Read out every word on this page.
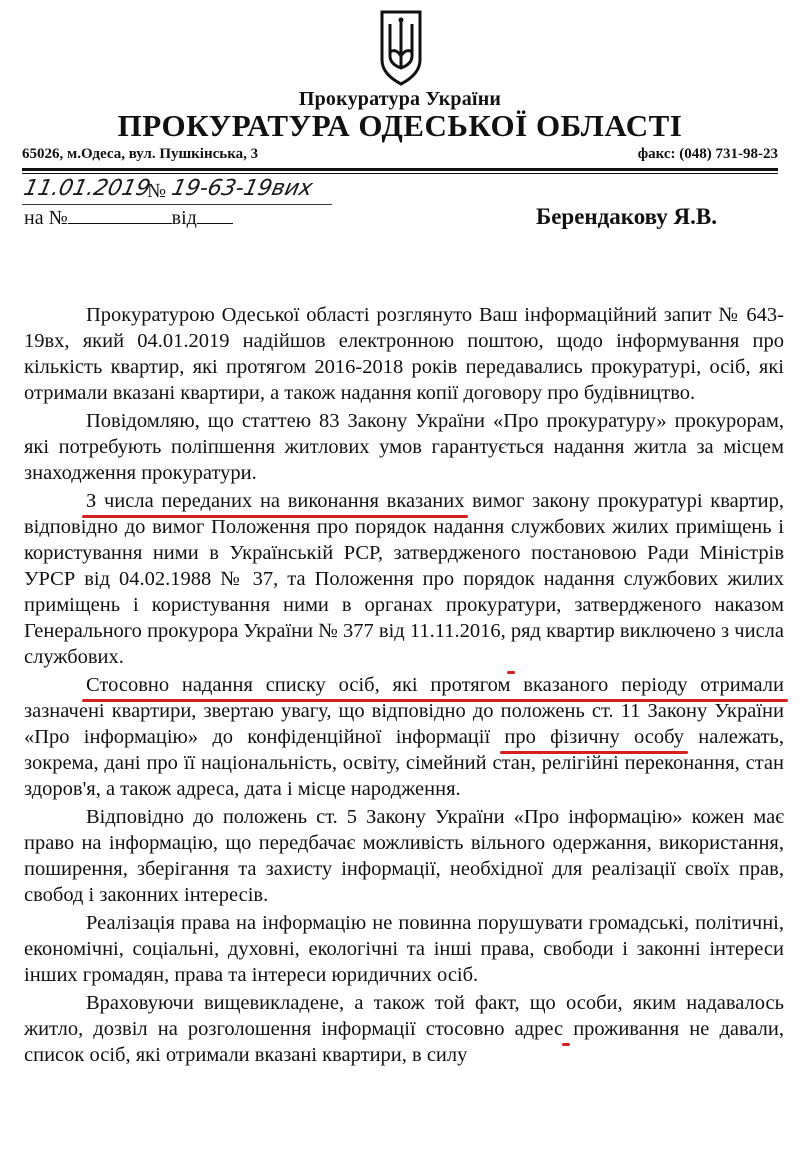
Прокуратура України
ПРОКУРАТУРА ОДЕСЬКОЇ ОБЛАСТІ
65026, м.Одеса, вул. Пушкінська, 3	факс: (048) 731-98-23
11.01.2019
№ 19-63-19вих
на №	від	Берендакову Я.В.

Прокуратурою Одеської області розглянуто Ваш інформаційний запит № 643-19вх, який 04.01.2019 надійшов електронною поштою, щодо інформування про кількість квартир, які протягом 2016-2018 років передавались прокуратурі, осіб, які отримали вказані квартири, а також надання копії договору про будівництво.

Повідомляю, що статтею 83 Закону України «Про прокуратуру» прокурорам, які потребують поліпшення житлових умов гарантується надання житла за місцем знаходження прокуратури.

З числа переданих на виконання вказаних вимог закону прокуратурі квартир, відповідно до вимог Положення про порядок надання службових жилих приміщень і користування ними в Українській РСР, затвердженого постановою Ради Міністрів УРСР від 04.02.1988 № 37, та Положення про порядок надання службових жилих приміщень і користування ними в органах прокуратури, затвердженого наказом Генерального прокурора України № 377 від 11.11.2016, ряд квартир виключено з числа службових.

Стосовно надання списку осіб, які протягом вказаного періоду отримали зазначені квартири, звертаю увагу, що відповідно до положень ст. 11 Закону України «Про інформацію» до конфіденційної інформації про фізичну особу належать, зокрема, дані про її національність, освіту, сімейний стан, релігійні переконання, стан здоров'я, а також адреса, дата і місце народження.

Відповідно до положень ст. 5 Закону України «Про інформацію» кожен має право на інформацію, що передбачає можливість вільного одержання, використання, поширення, зберігання та захисту інформації, необхідної для реалізації своїх прав, свобод і законних інтересів.

Реалізація права на інформацію не повинна порушувати громадські, політичні, економічні, соціальні, духовні, екологічні та інші права, свободи і законні інтереси інших громадян, права та інтереси юридичних осіб.

Враховуючи вищевикладене, а також той факт, що особи, яким надавалось житло, дозвіл на розголошення інформації стосовно адрес проживання не давали, список осіб, які отримали вказані квартири, в силу
